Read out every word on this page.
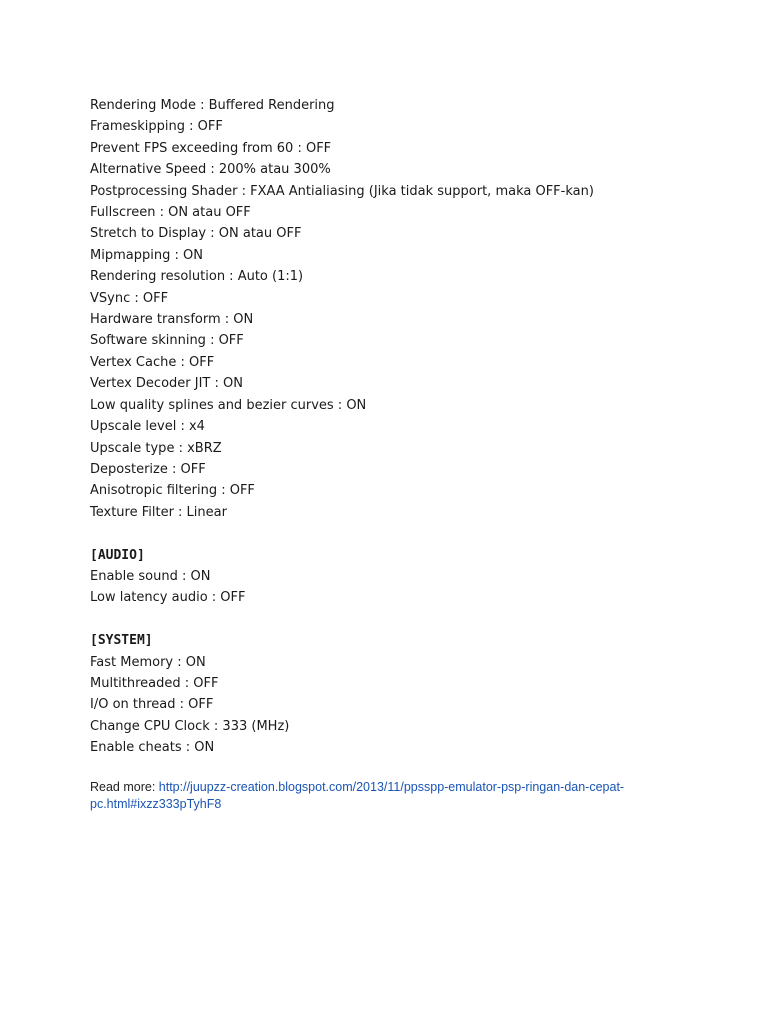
Rendering Mode : Buffered Rendering
Frameskipping : OFF
Prevent FPS exceeding from 60 : OFF
Alternative Speed : 200% atau 300%
Postprocessing Shader : FXAA Antialiasing (Jika tidak support, maka OFF-kan)
Fullscreen : ON atau OFF
Stretch to Display : ON atau OFF
Mipmapping : ON
Rendering resolution : Auto (1:1)
VSync : OFF
Hardware transform : ON
Software skinning : OFF
Vertex Cache : OFF
Vertex Decoder JIT : ON
Low quality splines and bezier curves : ON
Upscale level : x4
Upscale type : xBRZ
Deposterize : OFF
Anisotropic filtering : OFF
Texture Filter : Linear
[AUDIO]
Enable sound : ON
Low latency audio : OFF
[SYSTEM]
Fast Memory : ON
Multithreaded : OFF
I/O on thread : OFF
Change CPU Clock : 333 (MHz)
Enable cheats : ON
Read more: http://juupzz-creation.blogspot.com/2013/11/ppsspp-emulator-psp-ringan-dan-cepat-
pc.html#ixzz333pTyhF8
